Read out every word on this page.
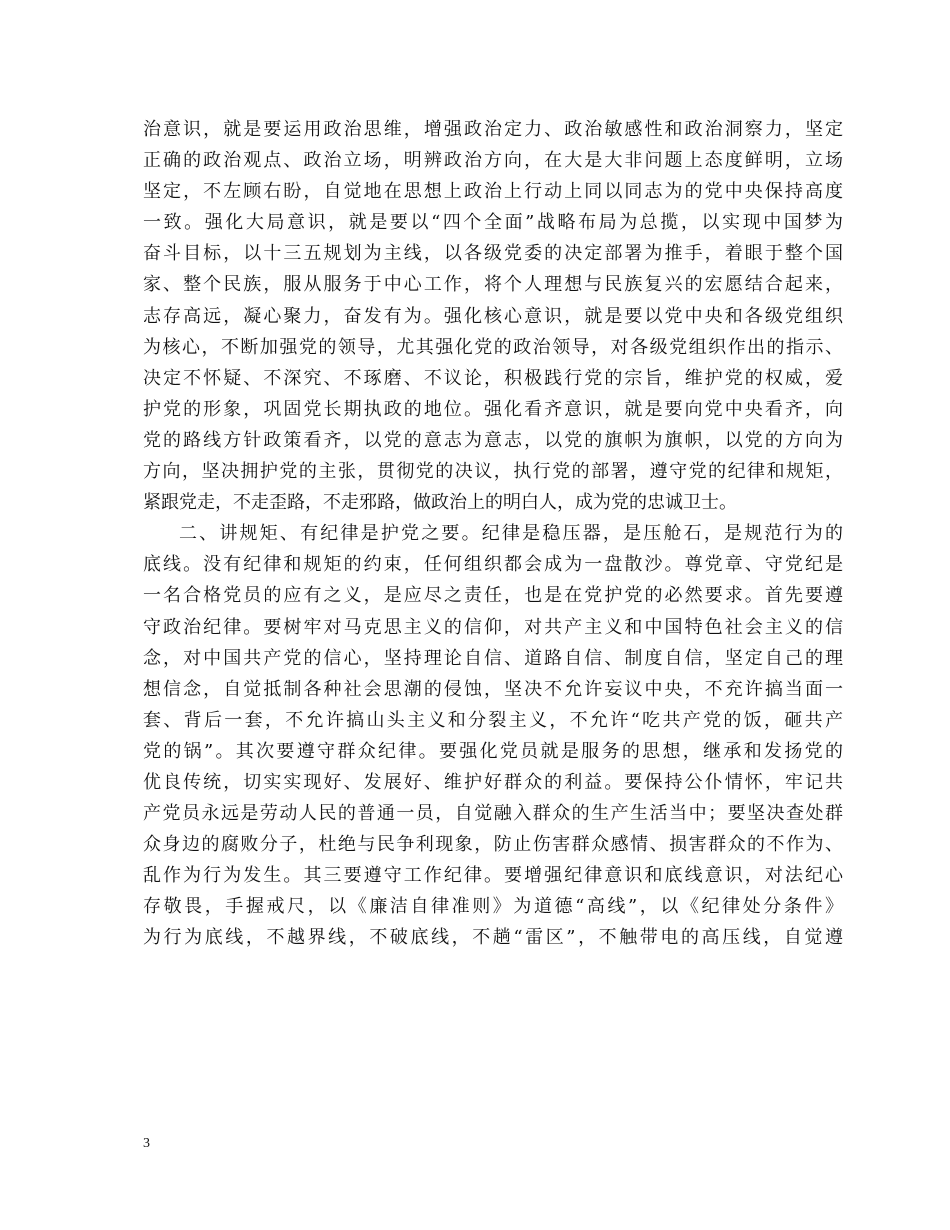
治意识，就是要运用政治思维，增强政治定力、政治敏感性和政治洞察力，坚定
正确的政治观点、政治立场，明辨政治方向，在大是大非问题上态度鲜明，立场
坚定，不左顾右盼，自觉地在思想上政治上行动上同以同志为的党中央保持高度
一致。强化大局意识，就是要以“四个全面”战略布局为总揽，以实现中国梦为
奋斗目标，以十三五规划为主线，以各级党委的决定部署为推手，着眼于整个国
家、整个民族，服从服务于中心工作，将个人理想与民族复兴的宏愿结合起来，
志存高远，凝心聚力，奋发有为。强化核心意识，就是要以党中央和各级党组织
为核心，不断加强党的领导，尤其强化党的政治领导，对各级党组织作出的指示、
决定不怀疑、不深究、不琢磨、不议论，积极践行党的宗旨，维护党的权威，爱
护党的形象，巩固党长期执政的地位。强化看齐意识，就是要向党中央看齐，向
党的路线方针政策看齐，以党的意志为意志，以党的旗帜为旗帜，以党的方向为
方向，坚决拥护党的主张，贯彻党的决议，执行党的部署，遵守党的纪律和规矩，
紧跟党走，不走歪路，不走邪路，做政治上的明白人，成为党的忠诚卫士。
二、讲规矩、有纪律是护党之要。纪律是稳压器，是压舱石，是规范行为的
底线。没有纪律和规矩的约束，任何组织都会成为一盘散沙。尊党章、守党纪是
一名合格党员的应有之义，是应尽之责任，也是在党护党的必然要求。首先要遵
守政治纪律。要树牢对马克思主义的信仰，对共产主义和中国特色社会主义的信
念，对中国共产党的信心，坚持理论自信、道路自信、制度自信，坚定自己的理
想信念，自觉抵制各种社会思潮的侵蚀，坚决不允许妄议中央，不充许搞当面一
套、背后一套，不允许搞山头主义和分裂主义，不允许“吃共产党的饭，砸共产
党的锅”。其次要遵守群众纪律。要强化党员就是服务的思想，继承和发扬党的
优良传统，切实实现好、发展好、维护好群众的利益。要保持公仆情怀，牢记共
产党员永远是劳动人民的普通一员，自觉融入群众的生产生活当中；要坚决查处群
众身边的腐败分子，杜绝与民争利现象，防止伤害群众感情、损害群众的不作为、
乱作为行为发生。其三要遵守工作纪律。要增强纪律意识和底线意识，对法纪心
存敬畏，手握戒尺，以《廉洁自律准则》为道德“高线”，以《纪律处分条件》
为行为底线，不越界线，不破底线，不趟“雷区”，不触带电的高压线，自觉遵
3
